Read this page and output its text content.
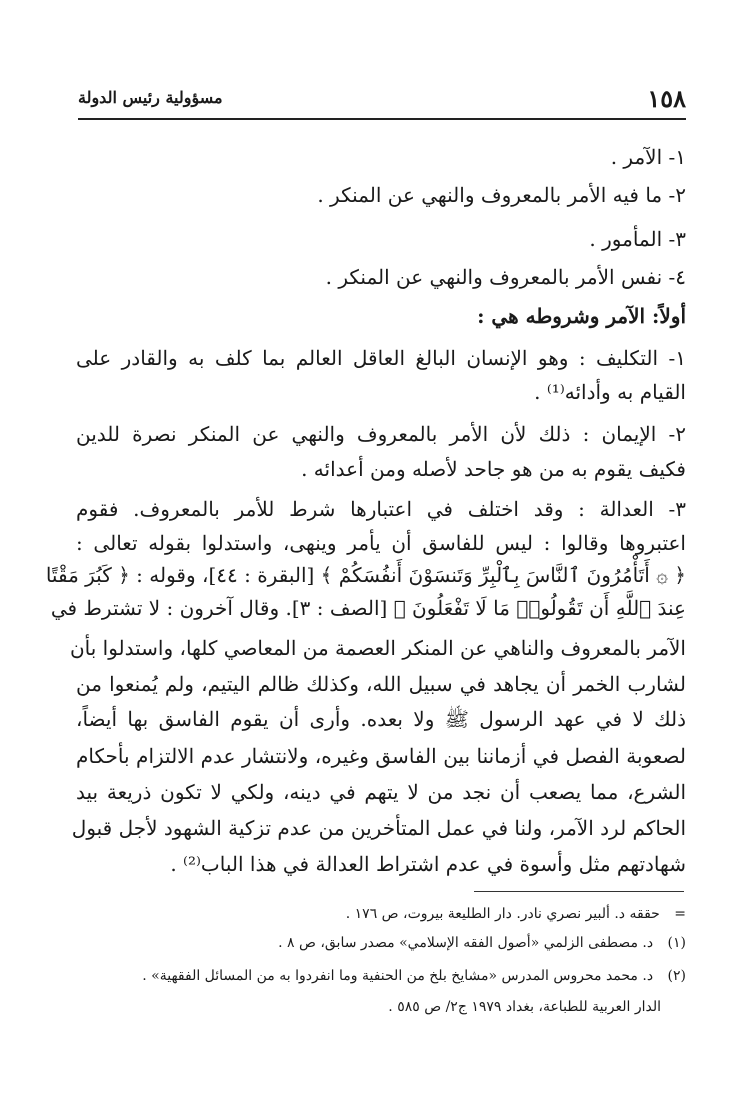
١٥٨
مسؤولية رئيس الدولة
١- الآمر .
٢- ما فيه الأمر بالمعروف والنهي عن المنكر .
٣- المأمور .
٤- نفس الأمر بالمعروف والنهي عن المنكر .
أولاً: الآمر وشروطه هي :
١- التكليف : وهو الإنسان البالغ العاقل العالم بما كلف به والقادر على
القيام به وأدائه⁽¹⁾ .
٢- الإيمان : ذلك لأن الأمر بالمعروف والنهي عن المنكر نصرة للدين
فكيف يقوم به من هو جاحد لأصله ومن أعدائه .
٣- العدالة : وقد اختلف في اعتبارها شرط للأمر بالمعروف. فقوم
اعتبروها وقالوا : ليس للفاسق أن يأمر وينهى، واستدلوا بقوله تعالى :
﴿ ۞ أَتَأْمُرُونَ ٱلنَّاسَ بِٱلْبِرِّ وَتَنسَوْنَ أَنفُسَكُمْ ﴾ [البقرة : ٤٤]، وقوله : ﴿ كَبُرَ مَقْتًا
عِندَ ٱللَّهِ أَن تَقُولُوا۟ مَا لَا تَفْعَلُونَ ﴾ [الصف : ٣]. وقال آخرون : لا تشترط في
الآمر بالمعروف والناهي عن المنكر العصمة من المعاصي كلها، واستدلوا بأن
لشارب الخمر أن يجاهد في سبيل الله، وكذلك ظالم اليتيم، ولم يُمنعوا من
ذلك لا في عهد الرسول ﷺ ولا بعده. وأرى أن يقوم الفاسق بها أيضاً،
لصعوبة الفصل في أزماننا بين الفاسق وغيره، ولانتشار عدم الالتزام بأحكام
الشرع، مما يصعب أن نجد من لا يتهم في دينه، ولكي لا تكون ذريعة بيد
الحاكم لرد الآمر، ولنا في عمل المتأخرين من عدم تزكية الشهود لأجل قبول
شهادتهم مثل وأسوة في عدم اشتراط العدالة في هذا الباب⁽²⁾ .
= حققه د. ألبير نصري نادر. دار الطليعة بيروت، ص ١٧٦ .
(١) د. مصطفى الزلمي «أصول الفقه الإسلامي» مصدر سابق، ص ٨ .
(٢) د. محمد محروس المدرس «مشايخ بلخ من الحنفية وما انفردوا به من المسائل الفقهية» .
الدار العربية للطباعة، بغداد ١٩٧٩ ج٢/ ص ٥٨٥ .
